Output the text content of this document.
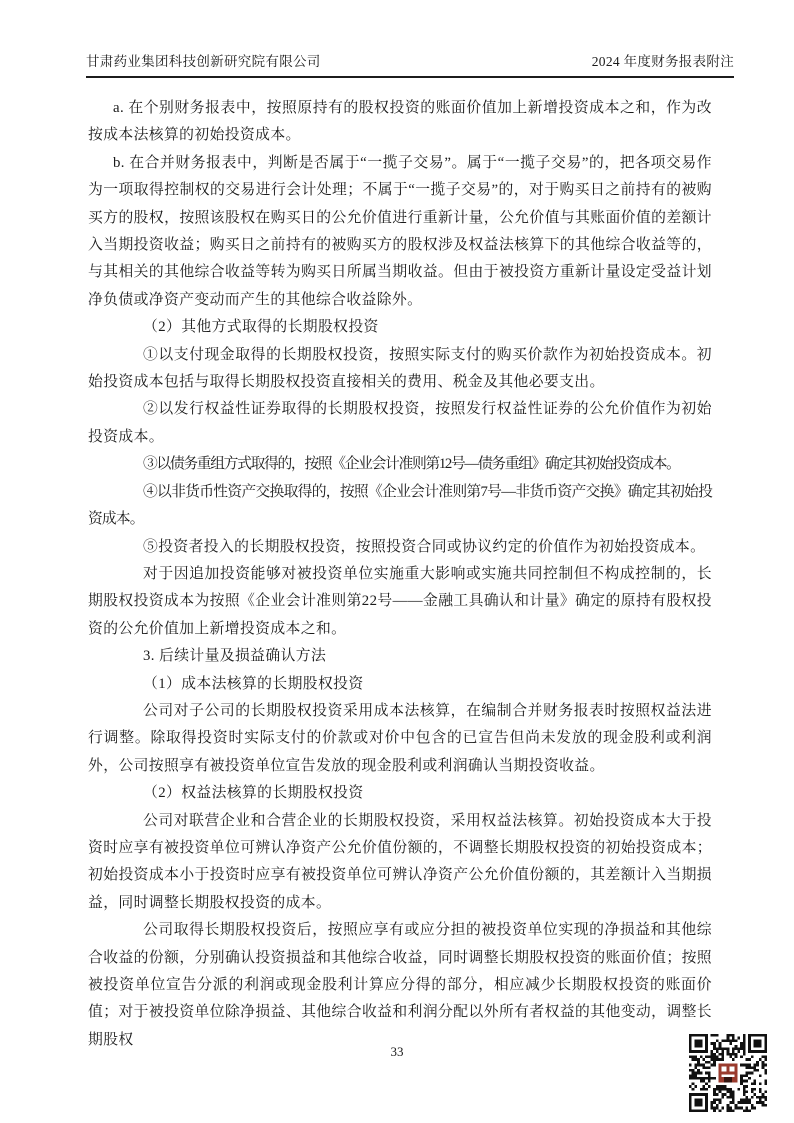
甘肃药业集团科技创新研究院有限公司	2024 年度财务报表附注

a. 在个别财务报表中，按照原持有的股权投资的账面价值加上新增投资成本之和，作为改按成本法核算的初始投资成本。

b. 在合并财务报表中，判断是否属于“一揽子交易”。属于“一揽子交易”的，把各项交易作为一项取得控制权的交易进行会计处理；不属于“一揽子交易”的，对于购买日之前持有的被购买方的股权，按照该股权在购买日的公允价值进行重新计量，公允价值与其账面价值的差额计入当期投资收益；购买日之前持有的被购买方的股权涉及权益法核算下的其他综合收益等的，与其相关的其他综合收益等转为购买日所属当期收益。但由于被投资方重新计量设定受益计划净负债或净资产变动而产生的其他综合收益除外。

（2）其他方式取得的长期股权投资

①以支付现金取得的长期股权投资，按照实际支付的购买价款作为初始投资成本。初始投资成本包括与取得长期股权投资直接相关的费用、税金及其他必要支出。

②以发行权益性证券取得的长期股权投资，按照发行权益性证券的公允价值作为初始投资成本。

③以债务重组方式取得的，按照《企业会计准则第12号—债务重组》确定其初始投资成本。

④以非货币性资产交换取得的，按照《企业会计准则第7号—非货币资产交换》确定其初始投资成本。

⑤投资者投入的长期股权投资，按照投资合同或协议约定的价值作为初始投资成本。

对于因追加投资能够对被投资单位实施重大影响或实施共同控制但不构成控制的，长期股权投资成本为按照《企业会计准则第22号——金融工具确认和计量》确定的原持有股权投资的公允价值加上新增投资成本之和。

3. 后续计量及损益确认方法

（1）成本法核算的长期股权投资

公司对子公司的长期股权投资采用成本法核算，在编制合并财务报表时按照权益法进行调整。除取得投资时实际支付的价款或对价中包含的已宣告但尚未发放的现金股利或利润外，公司按照享有被投资单位宣告发放的现金股利或利润确认当期投资收益。

（2）权益法核算的长期股权投资

公司对联营企业和合营企业的长期股权投资，采用权益法核算。初始投资成本大于投资时应享有被投资单位可辨认净资产公允价值份额的，不调整长期股权投资的初始投资成本；初始投资成本小于投资时应享有被投资单位可辨认净资产公允价值份额的，其差额计入当期损益，同时调整长期股权投资的成本。

公司取得长期股权投资后，按照应享有或应分担的被投资单位实现的净损益和其他综合收益的份额，分别确认投资损益和其他综合收益，同时调整长期股权投资的账面价值；按照被投资单位宣告分派的利润或现金股利计算应分得的部分，相应减少长期股权投资的账面价值；对于被投资单位除净损益、其他综合收益和利润分配以外所有者权益的其他变动，调整长期股权

33
